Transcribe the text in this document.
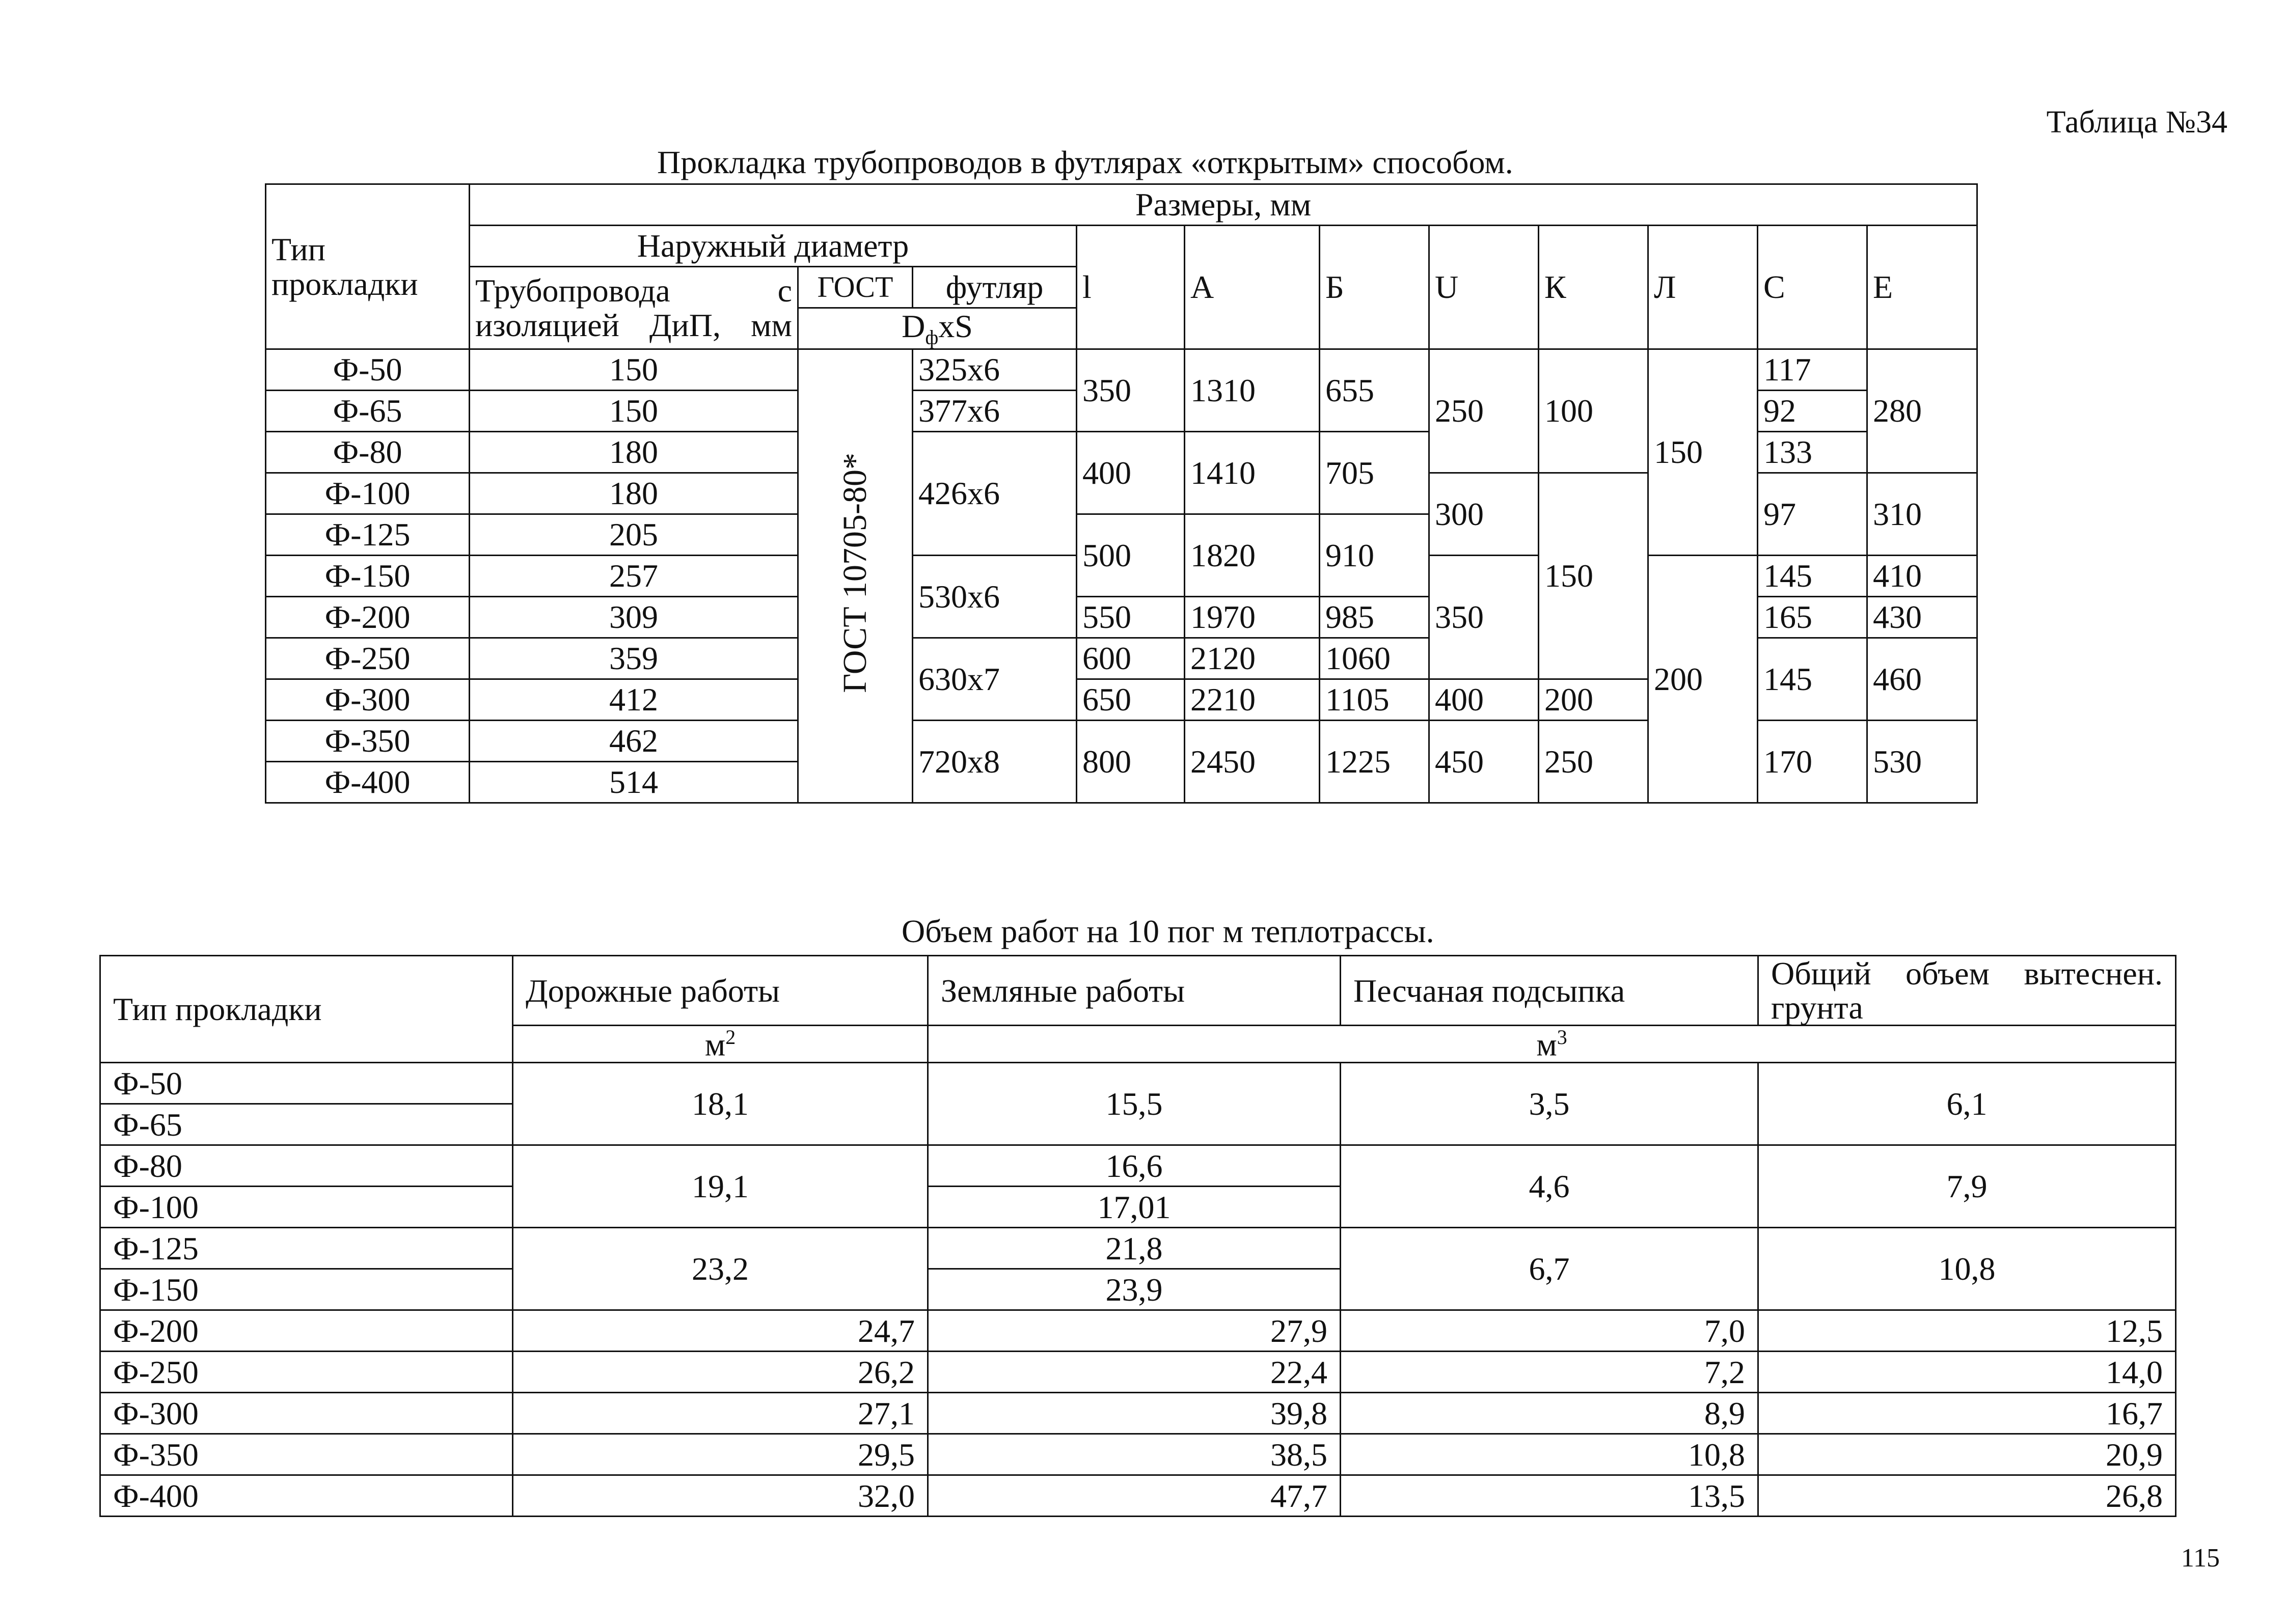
Таблица №34
Прокладка трубопроводов в футлярах «открытым» способом.
Тип прокладки	Размеры, мм										
	Наружный диаметр			l	А	Б	U	К	Л	С	Е
	Трубопровода с изоляцией ДиП, мм	ГОСТ	футляр								
		$D_фxS$									
Ф-50	150	ГОСТ 10705-80*	325x6	350	1310	655	250	100	150	117	280
Ф-65	150		377x6							92	
Ф-80	180		426x6	400	1410	705				133	
Ф-100	180						300	150		97	310
Ф-125	205			500	1820	910					
Ф-150	257		530x6				350		200	145	410
Ф-200	309			550	1970	985				165	430
Ф-250	359		630x7	600	2120	1060				145	460
Ф-300	412			650	2210	1105	400	200			
Ф-350	462		720x8	800	2450	1225	450	250		170	530
Ф-400	514										
Объем работ на 10 пог м теплотрассы.
Тип прокладки	Дорожные работы	Земляные работы	Песчаная подсыпка	Общий объем вытеснен. грунта
	$м^2$	$м^3$
Ф-50	18,1	15,5	3,5	6,1
Ф-65				
Ф-80	19,1	16,6	4,6	7,9
Ф-100		17,01		
Ф-125	23,2	21,8	6,7	10,8
Ф-150		23,9		
Ф-200	24,7	27,9	7,0	12,5
Ф-250	26,2	22,4	7,2	14,0
Ф-300	27,1	39,8	8,9	16,7
Ф-350	29,5	38,5	10,8	20,9
Ф-400	32,0	47,7	13,5	26,8
115
